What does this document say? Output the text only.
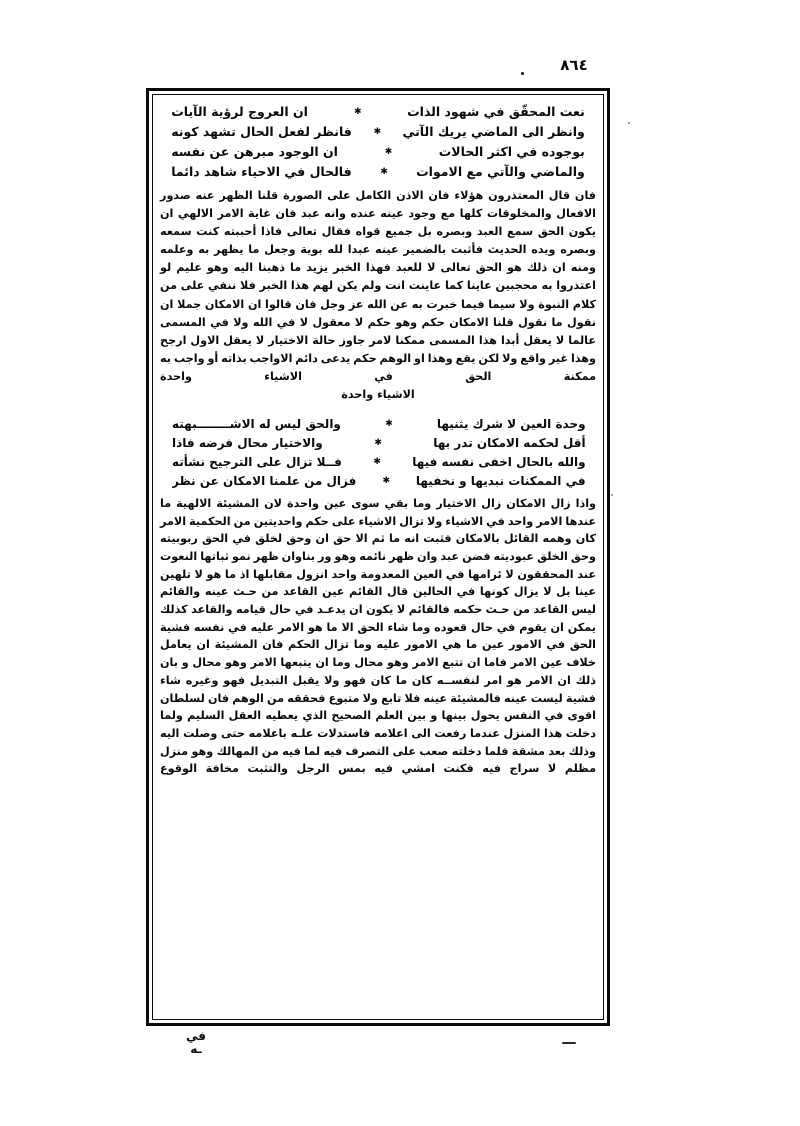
٤٦٨
نعت المحقّق في شهود الذات
✱
ان العروج لرؤية الآيات
وانظر الى الماضي يريك الآتي
✱
فانظر لفعل الحال تشهد كونه
بوجوده في اكثر الحالات
✱
ان الوجود مبرهن عن نفسه
والماضي والآتي مع الاموات
✱
فالحال في الاحياء شاهد دائما
فان قال المعتذرون هؤلاء فان الاذن الكامل على الصورة قلنا الظهر عنه صدور الافعال والمخلوقات كلها مع وجود عينه عنده وانه عبد فان غاية الامر الالهي ان يكون الحق سمع العبد وبصره بل جميع قواه فقال تعالى فاذا أحببته كنت سمعه وبصره ويده الحديث فأثبت بالضمير عينه عبدا لله بوية وجعل ما يظهر به وعلمه ومنه ان ذلك هو الحق تعالى لا للعبد فهذا الخبر يزيد ما ذهبنا اليه وهو عليم لو اعتذروا به محجبين عاينا كما عاينت انت ولم يكن لهم هذا الخبر فلا ننفي على من كلام النبوة ولا سيما فيما خبرت به عن الله عز وجل فان قالوا ان الامكان جملا ان نقول ما نقول قلنا الامكان حكم وهو حكم لا معقول لا في الله ولا في المسمى عالما لا يعقل أبدا هذا المسمى ممكنا لامر جاوز حالة الاختيار لا يعقل الاول ارجح وهذا غير واقع ولا لكن يقع وهذا او الوهم حكم يدعى دائم الاواجب بذاته أو واجب به ممكنة الحق في الاشياء واحدة
الاشياء واحدة
وحدة العين لا شرك يثنيها
✱
والحق ليس له الاشــــــــبهته
أقل لحكمه الامكان تدر بها
✱
والاختيار محال فرضه فاذا
والله بالحال اخفى نفسه فيها
✱
فــلا تزال على الترجيح نشأته
في الممكنات نبديها و نخفيها
✱
فزال من علمنا الامكان عن نظر
واذا زال الامكان زال الاختيار وما بقي سوى عين واحدة لان المشيئة الالهية ما عندها الامر واحد في الاشياء ولا تزال الاشياء على حكم واحديتين من الحكمية الامر كان وهمه القائل بالامكان فثبت انه ما ثم الا حق ان وحق لخلق في الحق ربوبيته وحق الخلق عبوديته فضن عبد وان ظهر نائمه وهو ور بناوان ظهر نمو ثباتها النعوت عند المحققون لا ئرامها في العين المعدومة واحد انزول مقابلها اذ ما هو لا تلهين عينا بل لا يزال كونها في الحالين قال القائم عين القاعد من حـث عينه والقائم ليس القاعد من حـث حكمه فالقائم لا يكون ان يدعـد في حال قيامه والقاعد كذلك يمكن ان يقوم في حال قعوده وما شاء الحق الا ما هو الامر عليه في نفسه فشية الحق في الامور عين ما هي الامور عليه وما تزال الحكم فان المشيئة ان يعامل خلاف عين الامر فاما ان تتبع الامر وهو محال وما ان يتبعها الامر وهو محال و بان ذلك ان الامر هو امر لنفســه كان ما كان فهو ولا يقبل التبديل فهو وغيره شاء فشية ليست عينه فالمشيئة عينه فلا تابع ولا متبوع فحققه من الوهم فان لسلطان اقوى في النفس يحول بينها و بين العلم الصحيح الذي يعطيه العقل السليم ولما دخلت هذا المنزل عندما رفعت الى اعلامه فاستدلات علـه باعلامه حتى وصلت اليه وذلك بعد مشقة فلما دخلته صعب على التصرف فيه لما فيه من المهالك وهو منزل مظلم لا سراج فيه فكنت امشي فيه بمس الرجل والتثبت مخافة الوقوع
في
ـه
